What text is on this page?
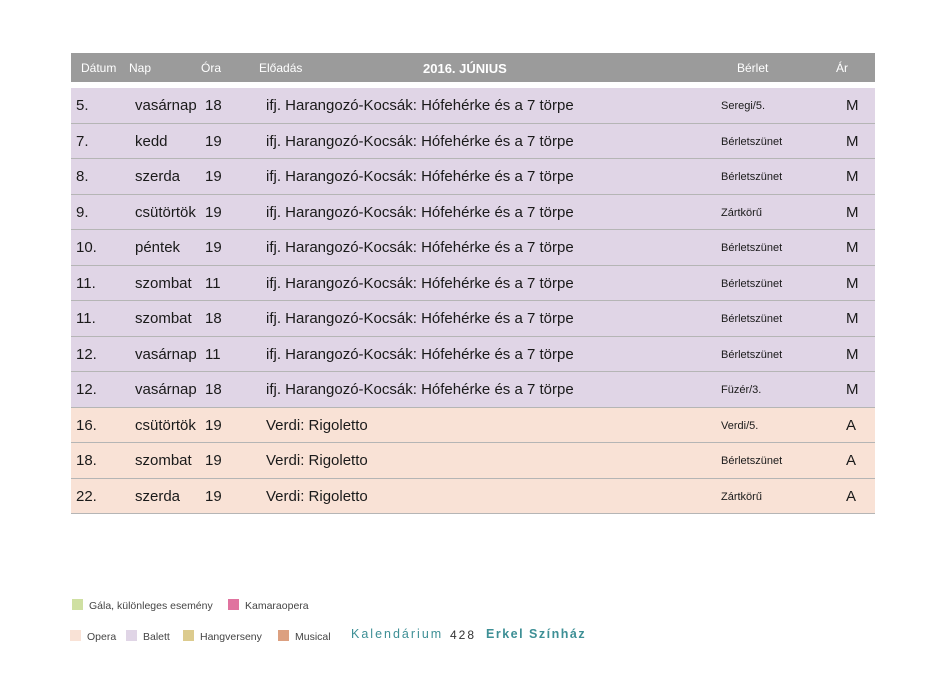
Dátum Nap	Óra	Előadás	2016. JÚNIUS	Bérlet	Ár
5.	vasárnap 18	ifj. Harangozó-Kocsák: Hófehérke és a 7 törpe	Seregi/5.	M
7.	kedd 19	ifj. Harangozó-Kocsák: Hófehérke és a 7 törpe	Bérletszünet	M
8.	szerda 19	ifj. Harangozó-Kocsák: Hófehérke és a 7 törpe	Bérletszünet	M
9.	csütörtök 19	ifj. Harangozó-Kocsák: Hófehérke és a 7 törpe	Zártkörű	M
10.	péntek 19	ifj. Harangozó-Kocsák: Hófehérke és a 7 törpe	Bérletszünet	M
11.	szombat 11	ifj. Harangozó-Kocsák: Hófehérke és a 7 törpe	Bérletszünet	M
11.	szombat 18	ifj. Harangozó-Kocsák: Hófehérke és a 7 törpe	Bérletszünet	M
12.	vasárnap 11	ifj. Harangozó-Kocsák: Hófehérke és a 7 törpe	Bérletszünet	M
12.	vasárnap 18	ifj. Harangozó-Kocsák: Hófehérke és a 7 törpe	Füzér/3.	M
16.	csütörtök 19	Verdi: Rigoletto	Verdi/5.	A
18.	szombat 19	Verdi: Rigoletto	Bérletszünet	A
22.	szerda 19	Verdi: Rigoletto	Zártkörű	A
Gála, különleges esemény	Kamaraopera
Opera	Balett	Hangverseny	Musical Kalendárium 428 Erkel Színház
